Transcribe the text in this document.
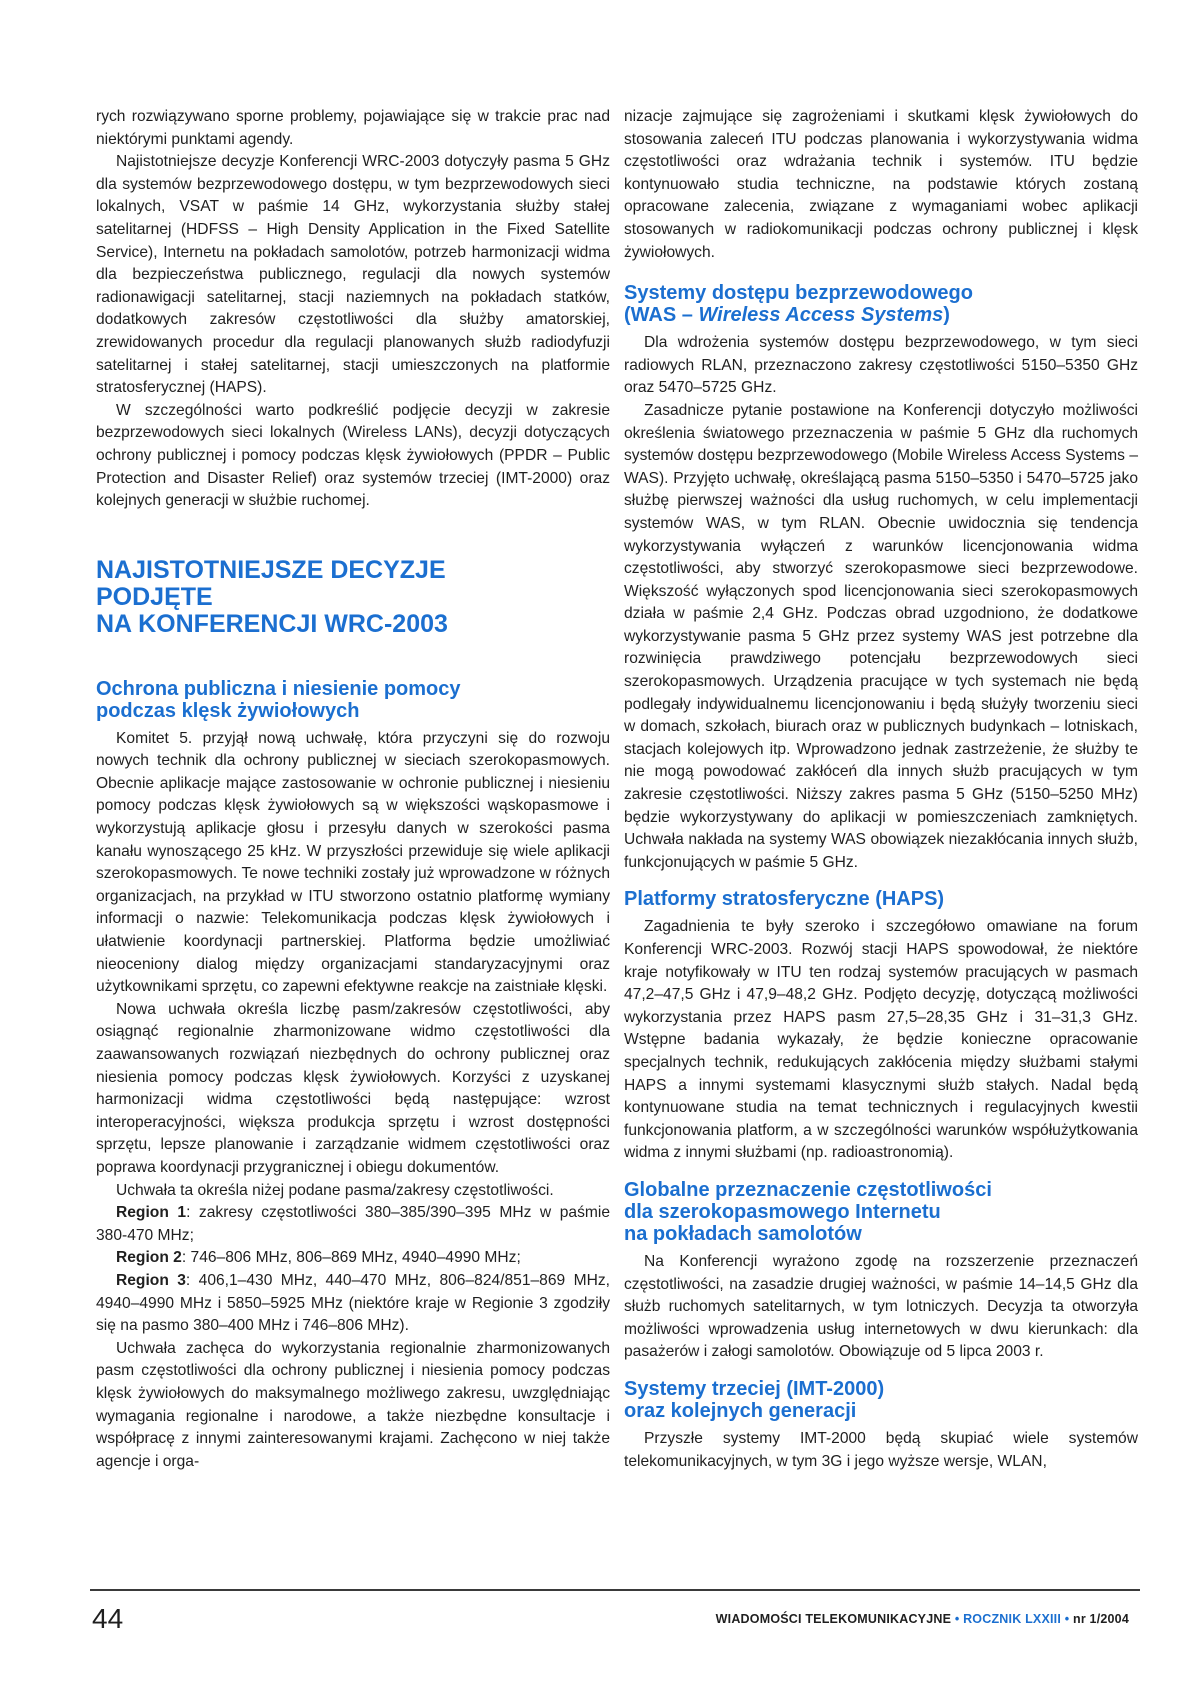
rych rozwiązywano sporne problemy, pojawiające się w trakcie prac nad niektórymi punktami agendy.

Najistotniejsze decyzje Konferencji WRC-2003 dotyczyły pasma 5 GHz dla systemów bezprzewodowego dostępu, w tym bezprzewodowych sieci lokalnych, VSAT w paśmie 14 GHz, wykorzystania służby stałej satelitarnej (HDFSS – High Density Application in the Fixed Satellite Service), Internetu na pokładach samolotów, potrzeb harmonizacji widma dla bezpieczeństwa publicznego, regulacji dla nowych systemów radionawigacji satelitarnej, stacji naziemnych na pokładach statków, dodatkowych zakresów częstotliwości dla służby amatorskiej, zrewidowanych procedur dla regulacji planowanych służb radiodyfuzji satelitarnej i stałej satelitarnej, stacji umieszczonych na platformie stratosferycznej (HAPS).

W szczególności warto podkreślić podjęcie decyzji w zakresie bezprzewodowych sieci lokalnych (Wireless LANs), decyzji dotyczących ochrony publicznej i pomocy podczas klęsk żywiołowych (PPDR – Public Protection and Disaster Relief) oraz systemów trzeciej (IMT-2000) oraz kolejnych generacji w służbie ruchomej.

NAJISTOTNIEJSZE DECYZJE
PODJĘTE
NA KONFERENCJI WRC-2003
Ochrona publiczna i niesienie pomocy
podczas klęsk żywiołowych

Komitet 5. przyjął nową uchwałę, która przyczyni się do rozwoju nowych technik dla ochrony publicznej w sieciach szerokopasmowych. Obecnie aplikacje mające zastosowanie w ochronie publicznej i niesieniu pomocy podczas klęsk żywiołowych są w większości wąskopasmowe i wykorzystują aplikacje głosu i przesyłu danych w szerokości pasma kanału wynoszącego 25 kHz. W przyszłości przewiduje się wiele aplikacji szerokopasmowych. Te nowe techniki zostały już wprowadzone w różnych organizacjach, na przykład w ITU stworzono ostatnio platformę wymiany informacji o nazwie: Telekomunikacja podczas klęsk żywiołowych i ułatwienie koordynacji partnerskiej. Platforma będzie umożliwiać nieoceniony dialog między organizacjami standaryzacyjnymi oraz użytkownikami sprzętu, co zapewni efektywne reakcje na zaistniałe klęski.

Nowa uchwała określa liczbę pasm/zakresów częstotliwości, aby osiągnąć regionalnie zharmonizowane widmo częstotliwości dla zaawansowanych rozwiązań niezbędnych do ochrony publicznej oraz niesienia pomocy podczas klęsk żywiołowych. Korzyści z uzyskanej harmonizacji widma częstotliwości będą następujące: wzrost interoperacyjności, większa produkcja sprzętu i wzrost dostępności sprzętu, lepsze planowanie i zarządzanie widmem częstotliwości oraz poprawa koordynacji przygranicznej i obiegu dokumentów.

Uchwała ta określa niżej podane pasma/zakresy częstotliwości.

Region 1: zakresy częstotliwości 380–385/390–395 MHz w paśmie 380-470 MHz;

Region 2: 746–806 MHz, 806–869 MHz, 4940–4990 MHz;

Region 3: 406,1–430 MHz, 440–470 MHz, 806–824/851–869 MHz, 4940–4990 MHz i 5850–5925 MHz (niektóre kraje w Regionie 3 zgodziły się na pasmo 380–400 MHz i 746–806 MHz).

Uchwała zachęca do wykorzystania regionalnie zharmonizowanych pasm częstotliwości dla ochrony publicznej i niesienia pomocy podczas klęsk żywiołowych do maksymalnego możliwego zakresu, uwzględniając wymagania regionalne i narodowe, a także niezbędne konsultacje i współpracę z innymi zainteresowanymi krajami. Zachęcono w niej także agencje i orga-

nizacje zajmujące się zagrożeniami i skutkami klęsk żywiołowych do stosowania zaleceń ITU podczas planowania i wykorzystywania widma częstotliwości oraz wdrażania technik i systemów. ITU będzie kontynuowało studia techniczne, na podstawie których zostaną opracowane zalecenia, związane z wymaganiami wobec aplikacji stosowanych w radiokomunikacji podczas ochrony publicznej i klęsk żywiołowych.

Systemy dostępu bezprzewodowego
(WAS – Wireless Access Systems)

Dla wdrożenia systemów dostępu bezprzewodowego, w tym sieci radiowych RLAN, przeznaczono zakresy częstotliwości 5150–5350 GHz oraz 5470–5725 GHz.

Zasadnicze pytanie postawione na Konferencji dotyczyło możliwości określenia światowego przeznaczenia w paśmie 5 GHz dla ruchomych systemów dostępu bezprzewodowego (Mobile Wireless Access Systems – WAS). Przyjęto uchwałę, określającą pasma 5150–5350 i 5470–5725 jako służbę pierwszej ważności dla usług ruchomych, w celu implementacji systemów WAS, w tym RLAN. Obecnie uwidocznia się tendencja wykorzystywania wyłączeń z warunków licencjonowania widma częstotliwości, aby stworzyć szerokopasmowe sieci bezprzewodowe. Większość wyłączonych spod licencjonowania sieci szerokopasmowych działa w paśmie 2,4 GHz. Podczas obrad uzgodniono, że dodatkowe wykorzystywanie pasma 5 GHz przez systemy WAS jest potrzebne dla rozwinięcia prawdziwego potencjału bezprzewodowych sieci szerokopasmowych. Urządzenia pracujące w tych systemach nie będą podlegały indywidualnemu licencjonowaniu i będą służyły tworzeniu sieci w domach, szkołach, biurach oraz w publicznych budynkach – lotniskach, stacjach kolejowych itp. Wprowadzono jednak zastrzeżenie, że służby te nie mogą powodować zakłóceń dla innych służb pracujących w tym zakresie częstotliwości. Niższy zakres pasma 5 GHz (5150–5250 MHz) będzie wykorzystywany do aplikacji w pomieszczeniach zamkniętych. Uchwała nakłada na systemy WAS obowiązek niezakłócania innych służb, funkcjonujących w paśmie 5 GHz.

Platformy stratosferyczne (HAPS)

Zagadnienia te były szeroko i szczegółowo omawiane na forum Konferencji WRC-2003. Rozwój stacji HAPS spowodował, że niektóre kraje notyfikowały w ITU ten rodzaj systemów pracujących w pasmach 47,2–47,5 GHz i 47,9–48,2 GHz. Podjęto decyzję, dotyczącą możliwości wykorzystania przez HAPS pasm 27,5–28,35 GHz i 31–31,3 GHz. Wstępne badania wykazały, że będzie konieczne opracowanie specjalnych technik, redukujących zakłócenia między służbami stałymi HAPS a innymi systemami klasycznymi służb stałych. Nadal będą kontynuowane studia na temat technicznych i regulacyjnych kwestii funkcjonowania platform, a w szczególności warunków współużytkowania widma z innymi służbami (np. radioastronomią).

Globalne przeznaczenie częstotliwości
dla szerokopasmowego Internetu
na pokładach samolotów

Na Konferencji wyrażono zgodę na rozszerzenie przeznaczeń częstotliwości, na zasadzie drugiej ważności, w paśmie 14–14,5 GHz dla służb ruchomych satelitarnych, w tym lotniczych. Decyzja ta otworzyła możliwości wprowadzenia usług internetowych w dwu kierunkach: dla pasażerów i załogi samolotów. Obowiązuje od 5 lipca 2003 r.

Systemy trzeciej (IMT-2000)
oraz kolejnych generacji

Przyszłe systemy IMT-2000 będą skupiać wiele systemów telekomunikacyjnych, w tym 3G i jego wyższe wersje, WLAN,

44	WIADOMOŚCI TELEKOMUNIKACYJNE • ROCZNIK LXXIII • nr 1/2004
